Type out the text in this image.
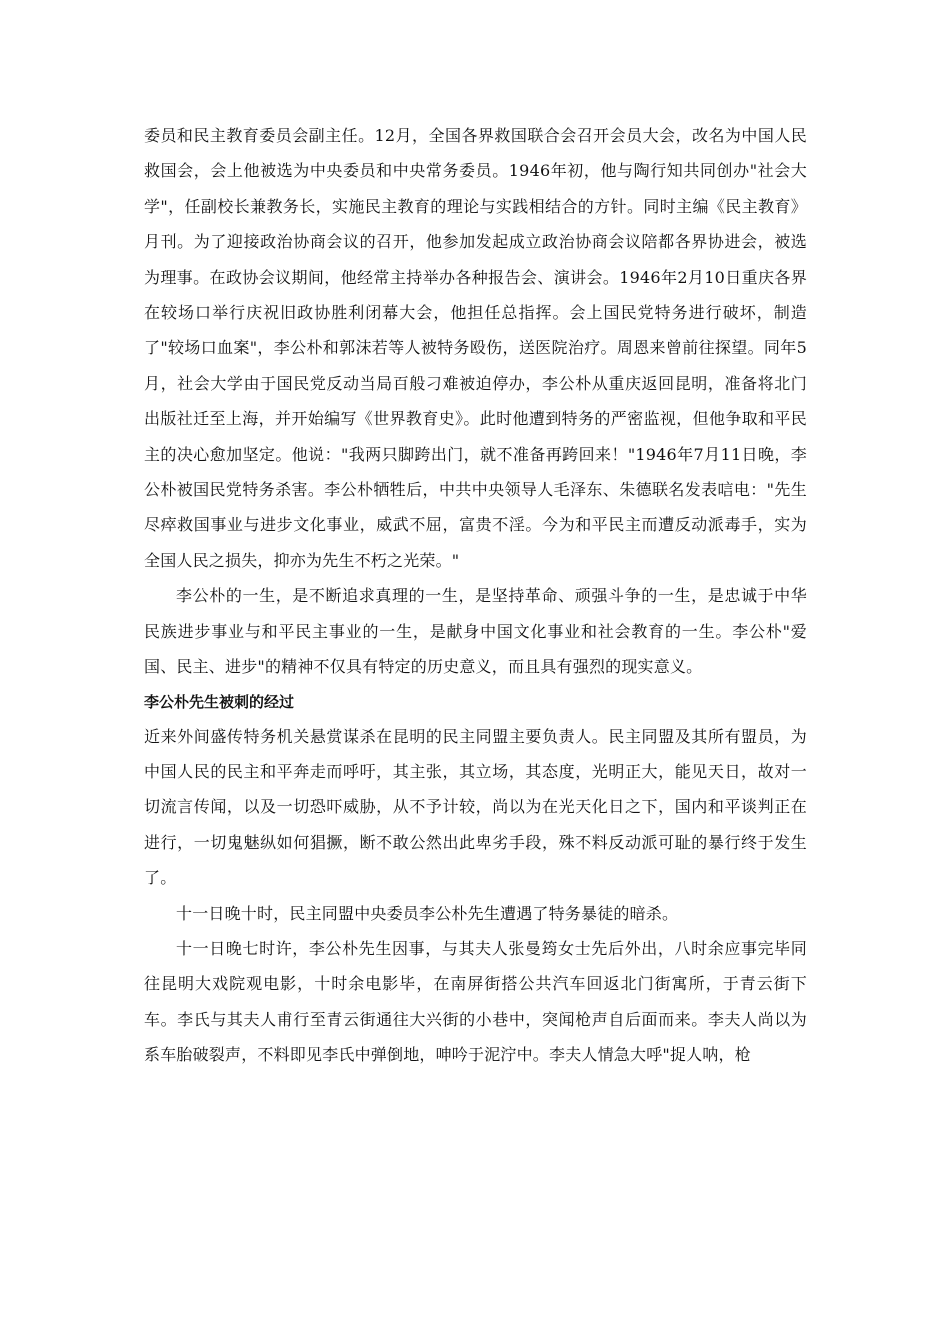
委员和民主教育委员会副主任。12月，全国各界救国联合会召开会员大会，改名为中国人民救国会，会上他被选为中央委员和中央常务委员。1946年初，他与陶行知共同创办"社会大学"，任副校长兼教务长，实施民主教育的理论与实践相结合的方针。同时主编《民主教育》月刊。为了迎接政治协商会议的召开，他参加发起成立政治协商会议陪都各界协进会，被选为理事。在政协会议期间，他经常主持举办各种报告会、演讲会。1946年2月10日重庆各界在较场口举行庆祝旧政协胜利闭幕大会，他担任总指挥。会上国民党特务进行破坏，制造了"较场口血案"，李公朴和郭沫若等人被特务殴伤，送医院治疗。周恩来曾前往探望。同年5月，社会大学由于国民党反动当局百般刁难被迫停办，李公朴从重庆返回昆明，准备将北门出版社迁至上海，并开始编写《世界教育史》。此时他遭到特务的严密监视，但他争取和平民主的决心愈加坚定。他说："我两只脚跨出门，就不准备再跨回来！"1946年7月11日晚，李公朴被国民党特务杀害。李公朴牺牲后，中共中央领导人毛泽东、朱德联名发表唁电："先生尽瘁救国事业与进步文化事业，威武不屈，富贵不淫。今为和平民主而遭反动派毒手，实为全国人民之损失，抑亦为先生不朽之光荣。"

李公朴的一生，是不断追求真理的一生，是坚持革命、顽强斗争的一生，是忠诚于中华民族进步事业与和平民主事业的一生，是献身中国文化事业和社会教育的一生。李公朴"爱国、民主、进步"的精神不仅具有特定的历史意义，而且具有强烈的现实意义。

李公朴先生被刺的经过

近来外间盛传特务机关悬赏谋杀在昆明的民主同盟主要负责人。民主同盟及其所有盟员，为中国人民的民主和平奔走而呼吁，其主张，其立场，其态度，光明正大，能见天日，故对一切流言传闻，以及一切恐吓威胁，从不予计较，尚以为在光天化日之下，国内和平谈判正在进行，一切鬼魅纵如何猖撅，断不敢公然出此卑劣手段，殊不料反动派可耻的暴行终于发生了。

十一日晚十时，民主同盟中央委员李公朴先生遭遇了特务暴徒的暗杀。

十一日晚七时许，李公朴先生因事，与其夫人张曼筠女士先后外出，八时余应事完毕同往昆明大戏院观电影，十时余电影毕，在南屏街搭公共汽车回返北门街寓所，于青云街下车。李氏与其夫人甫行至青云街通往大兴街的小巷中，突闻枪声自后面而来。李夫人尚以为系车胎破裂声，不料即见李氏中弹倒地，呻吟于泥泞中。李夫人情急大呼"捉人呐，枪
